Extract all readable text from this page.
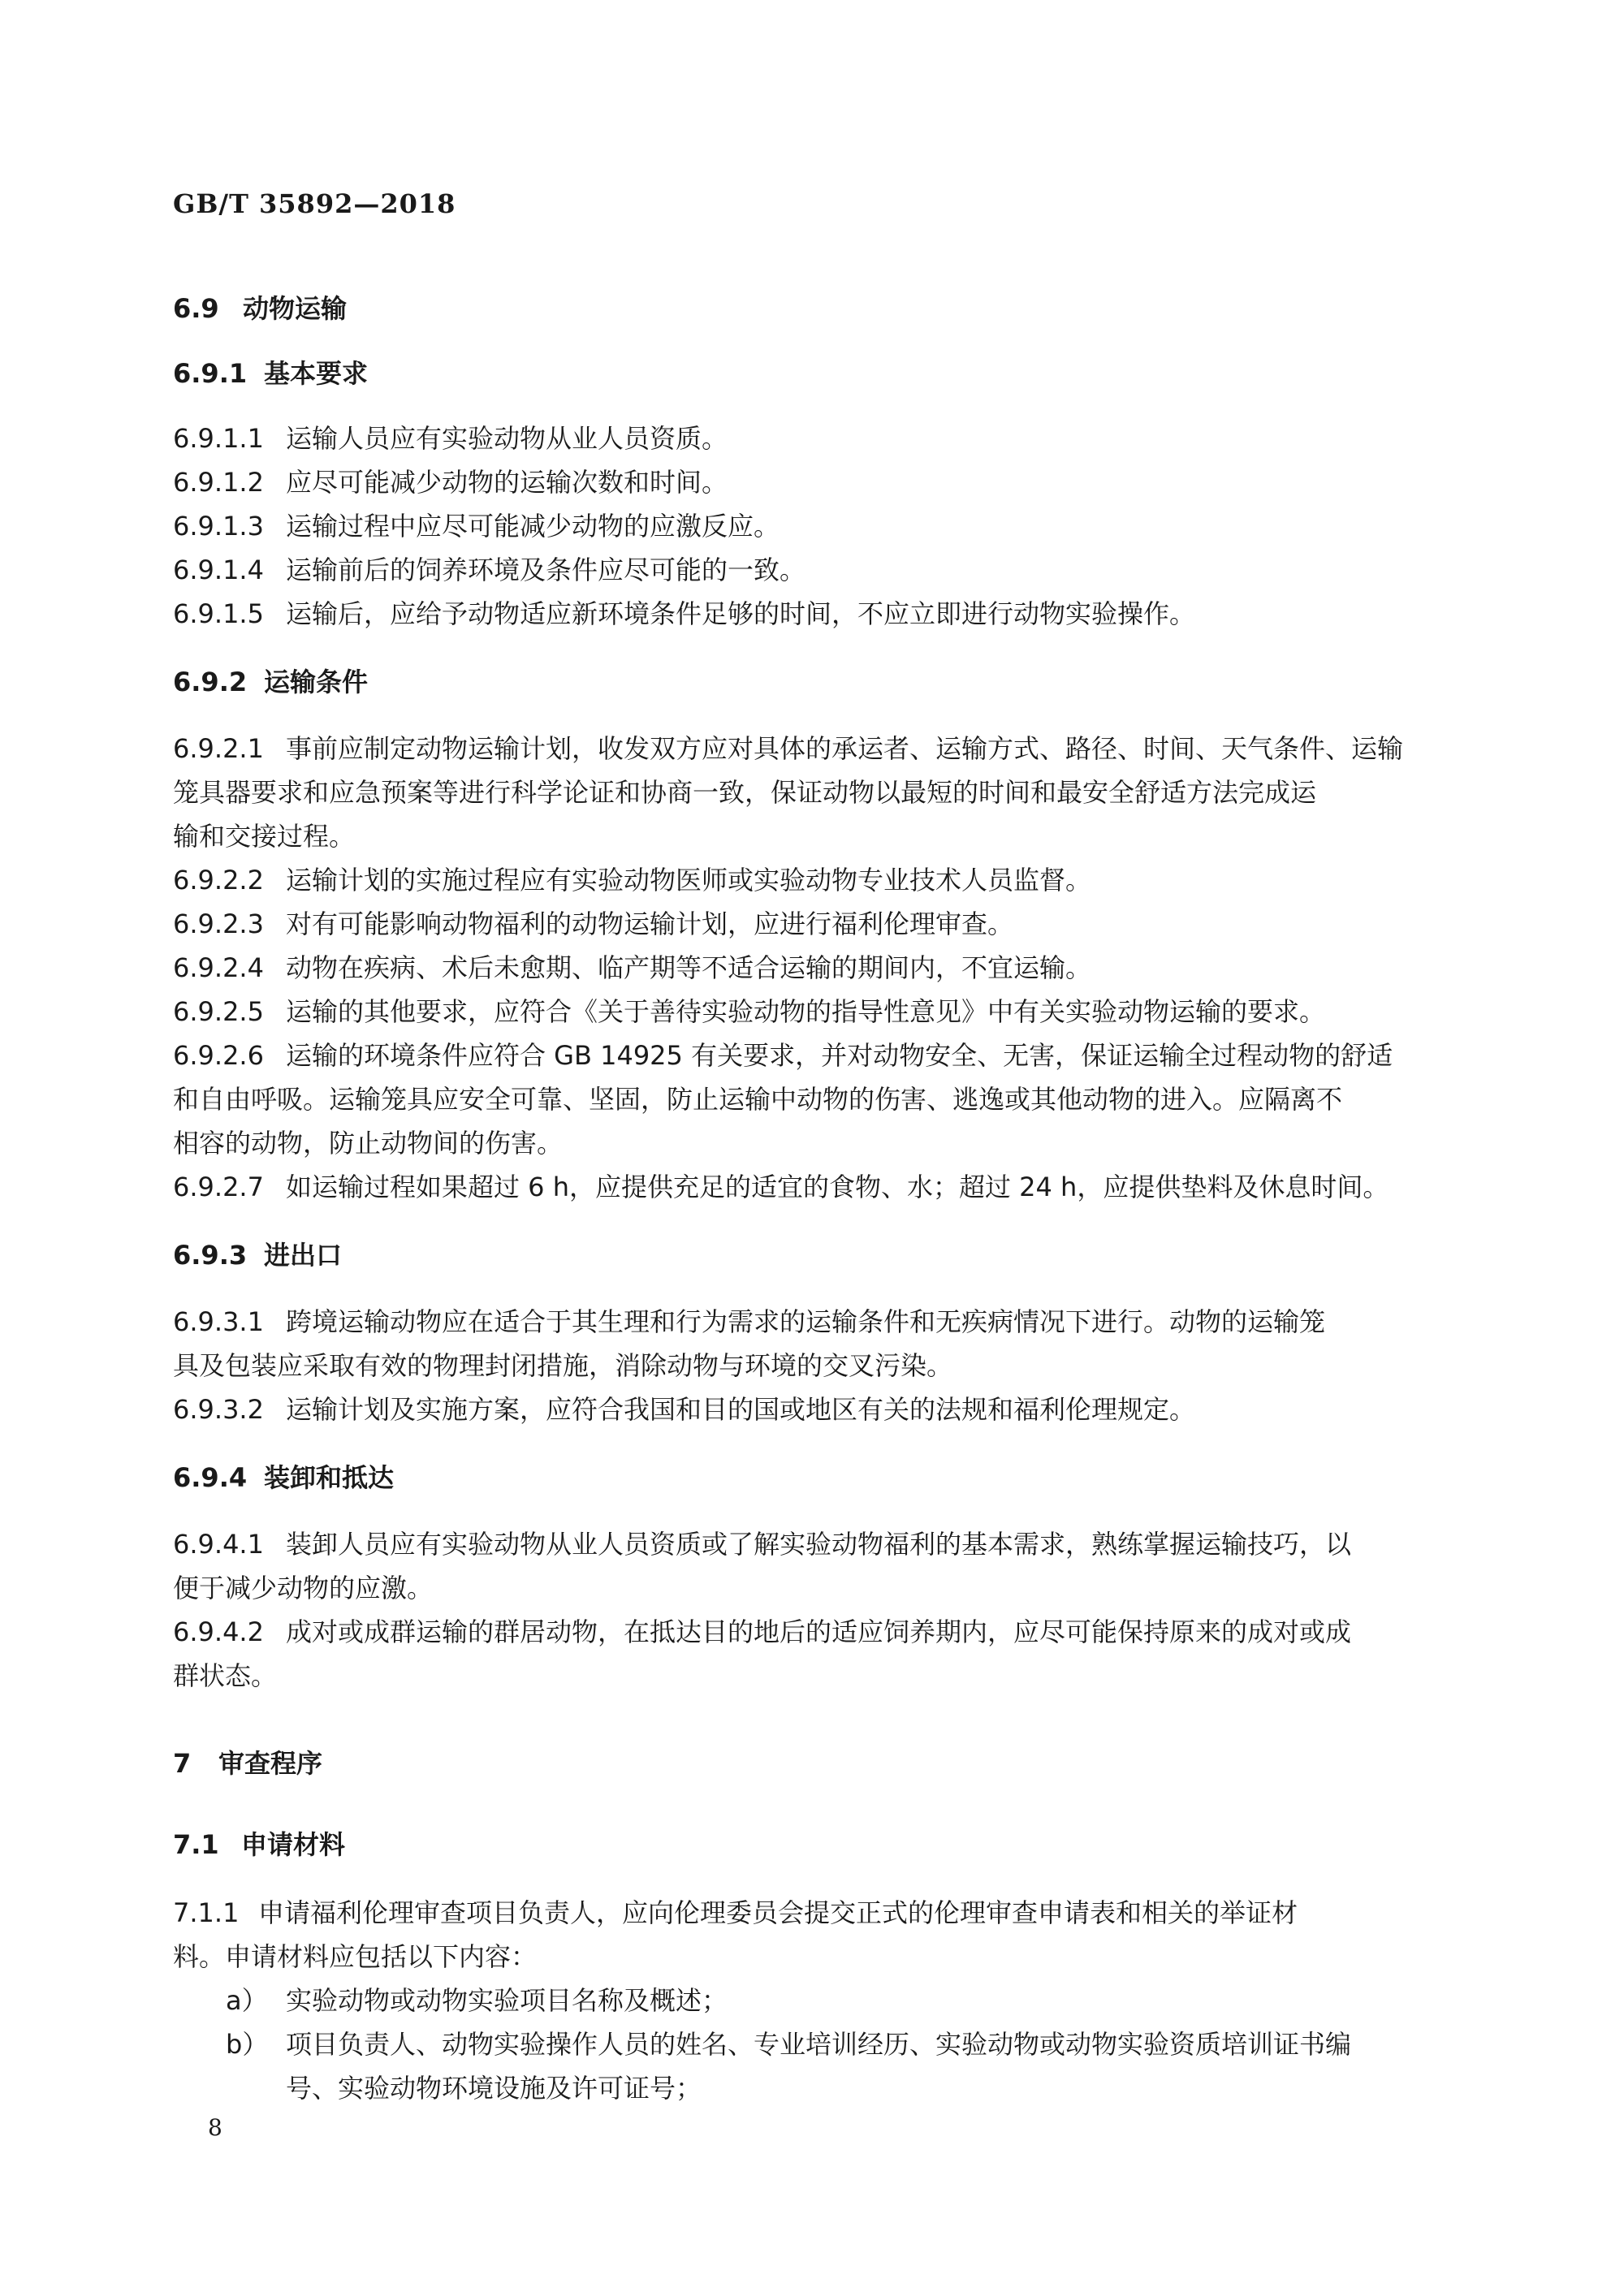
GB/T 35892—2018
6.9 动物运输
6.9.1 基本要求
6.9.1.1 运输人员应有实验动物从业人员资质。
6.9.1.2 应尽可能减少动物的运输次数和时间。
6.9.1.3 运输过程中应尽可能减少动物的应激反应。
6.9.1.4 运输前后的饲养环境及条件应尽可能的一致。
6.9.1.5 运输后，应给予动物适应新环境条件足够的时间，不应立即进行动物实验操作。
6.9.2 运输条件
6.9.2.1 事前应制定动物运输计划，收发双方应对具体的承运者、运输方式、路径、时间、天气条件、运输
笼具器要求和应急预案等进行科学论证和协商一致，保证动物以最短的时间和最安全舒适方法完成运
输和交接过程。
6.9.2.2 运输计划的实施过程应有实验动物医师或实验动物专业技术人员监督。
6.9.2.3 对有可能影响动物福利的动物运输计划，应进行福利伦理审查。
6.9.2.4 动物在疾病、术后未愈期、临产期等不适合运输的期间内，不宜运输。
6.9.2.5 运输的其他要求，应符合《关于善待实验动物的指导性意见》中有关实验动物运输的要求。
6.9.2.6 运输的环境条件应符合 GB 14925 有关要求，并对动物安全、无害，保证运输全过程动物的舒适
和自由呼吸。运输笼具应安全可靠、坚固，防止运输中动物的伤害、逃逸或其他动物的进入。应隔离不
相容的动物，防止动物间的伤害。
6.9.2.7 如运输过程如果超过 6 h，应提供充足的适宜的食物、水；超过 24 h，应提供垫料及休息时间。
6.9.3 进出口
6.9.3.1 跨境运输动物应在适合于其生理和行为需求的运输条件和无疾病情况下进行。动物的运输笼
具及包装应采取有效的物理封闭措施，消除动物与环境的交叉污染。
6.9.3.2 运输计划及实施方案，应符合我国和目的国或地区有关的法规和福利伦理规定。
6.9.4 装卸和抵达
6.9.4.1 装卸人员应有实验动物从业人员资质或了解实验动物福利的基本需求，熟练掌握运输技巧，以
便于减少动物的应激。
6.9.4.2 成对或成群运输的群居动物，在抵达目的地后的适应饲养期内，应尽可能保持原来的成对或成
群状态。
7 审查程序
7.1 申请材料
7.1.1 申请福利伦理审查项目负责人，应向伦理委员会提交正式的伦理审查申请表和相关的举证材
料。申请材料应包括以下内容：
a） 实验动物或动物实验项目名称及概述；
b） 项目负责人、动物实验操作人员的姓名、专业培训经历、实验动物或动物实验资质培训证书编
号、实验动物环境设施及许可证号；
8
